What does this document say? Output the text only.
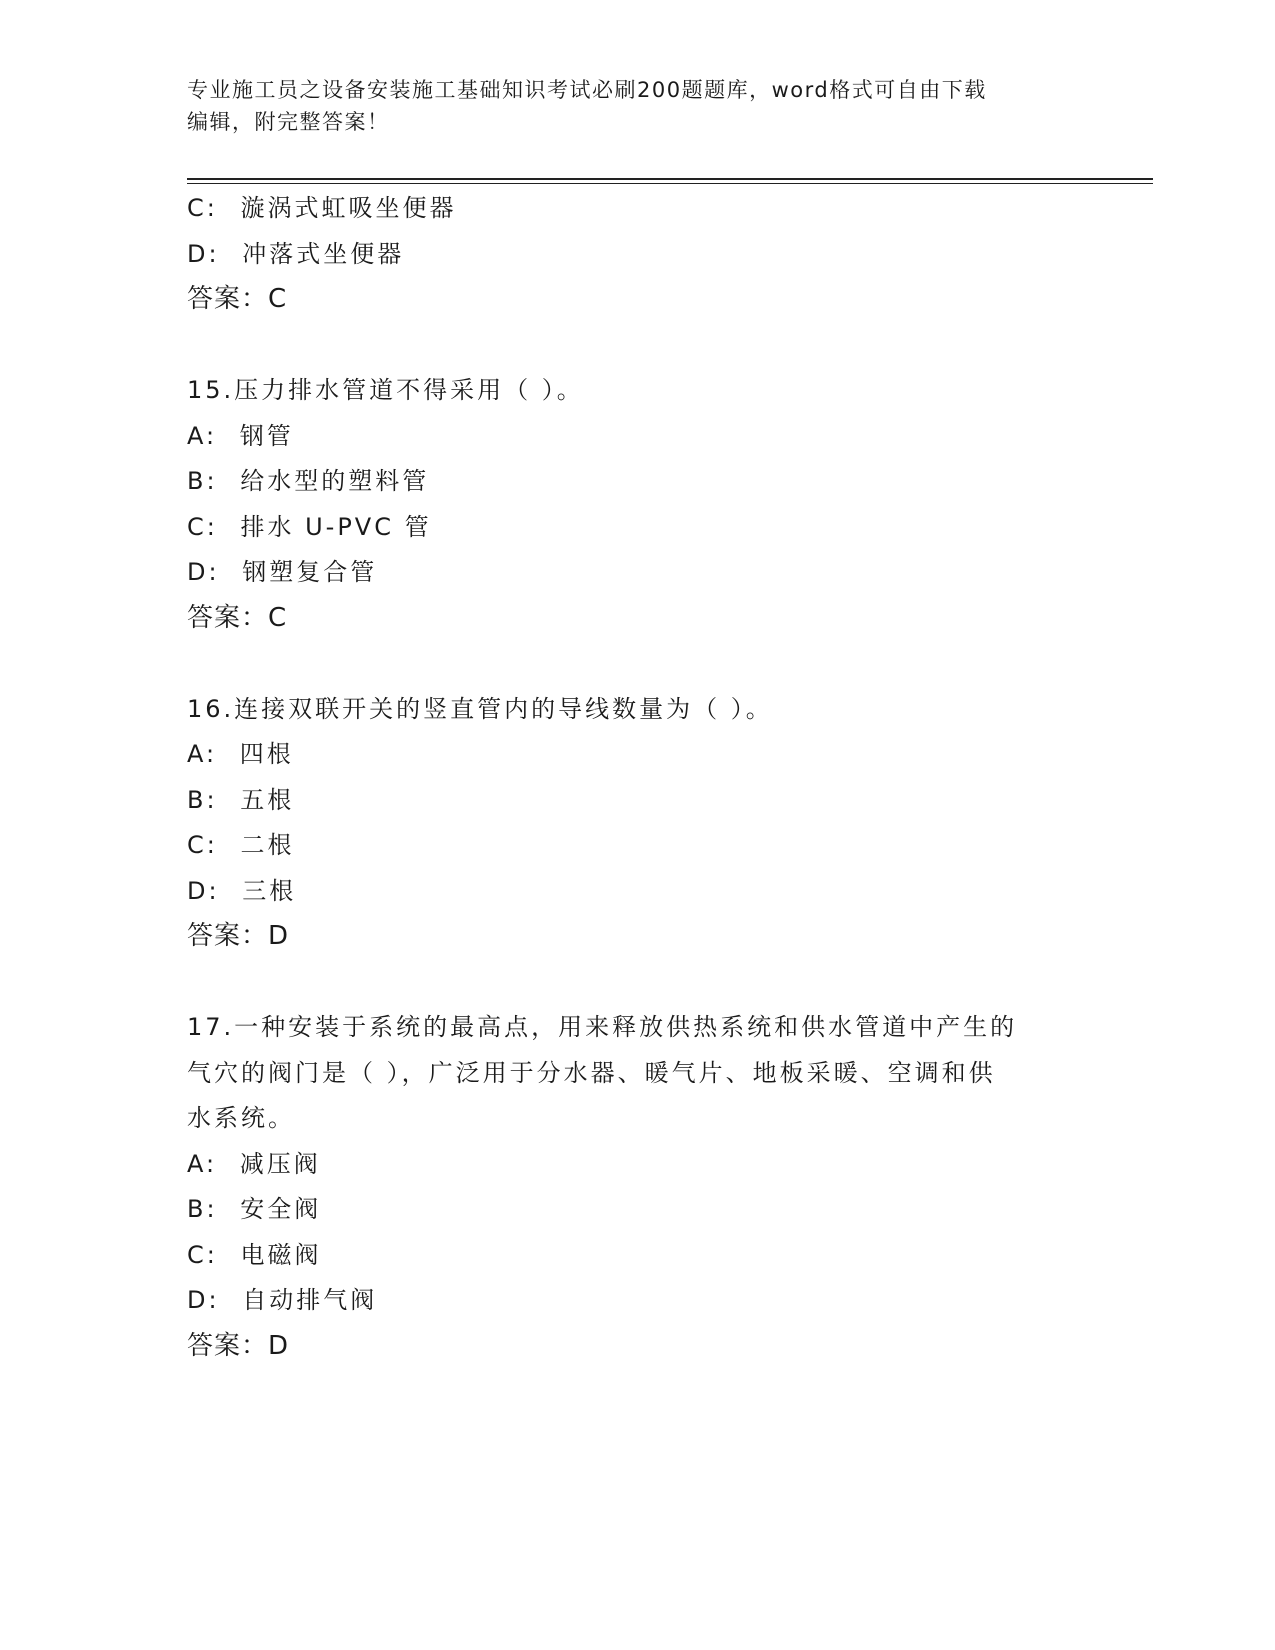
专业施工员之设备安装施工基础知识考试必刷200题题库，word格式可自由下载
编辑，附完整答案！
C: 漩涡式虹吸坐便器
D: 冲落式坐便器
答案：C
15.压力排水管道不得采用（ ）。
A: 钢管
B: 给水型的塑料管
C: 排水 U-PVC 管
D: 钢塑复合管
答案：C
16.连接双联开关的竖直管内的导线数量为（ ）。
A: 四根
B: 五根
C: 二根
D: 三根
答案：D
17.一种安装于系统的最高点，用来释放供热系统和供水管道中产生的
气穴的阀门是（ ），广泛用于分水器、暖气片、地板采暖、空调和供
水系统。
A: 减压阀
B: 安全阀
C: 电磁阀
D: 自动排气阀
答案：D
